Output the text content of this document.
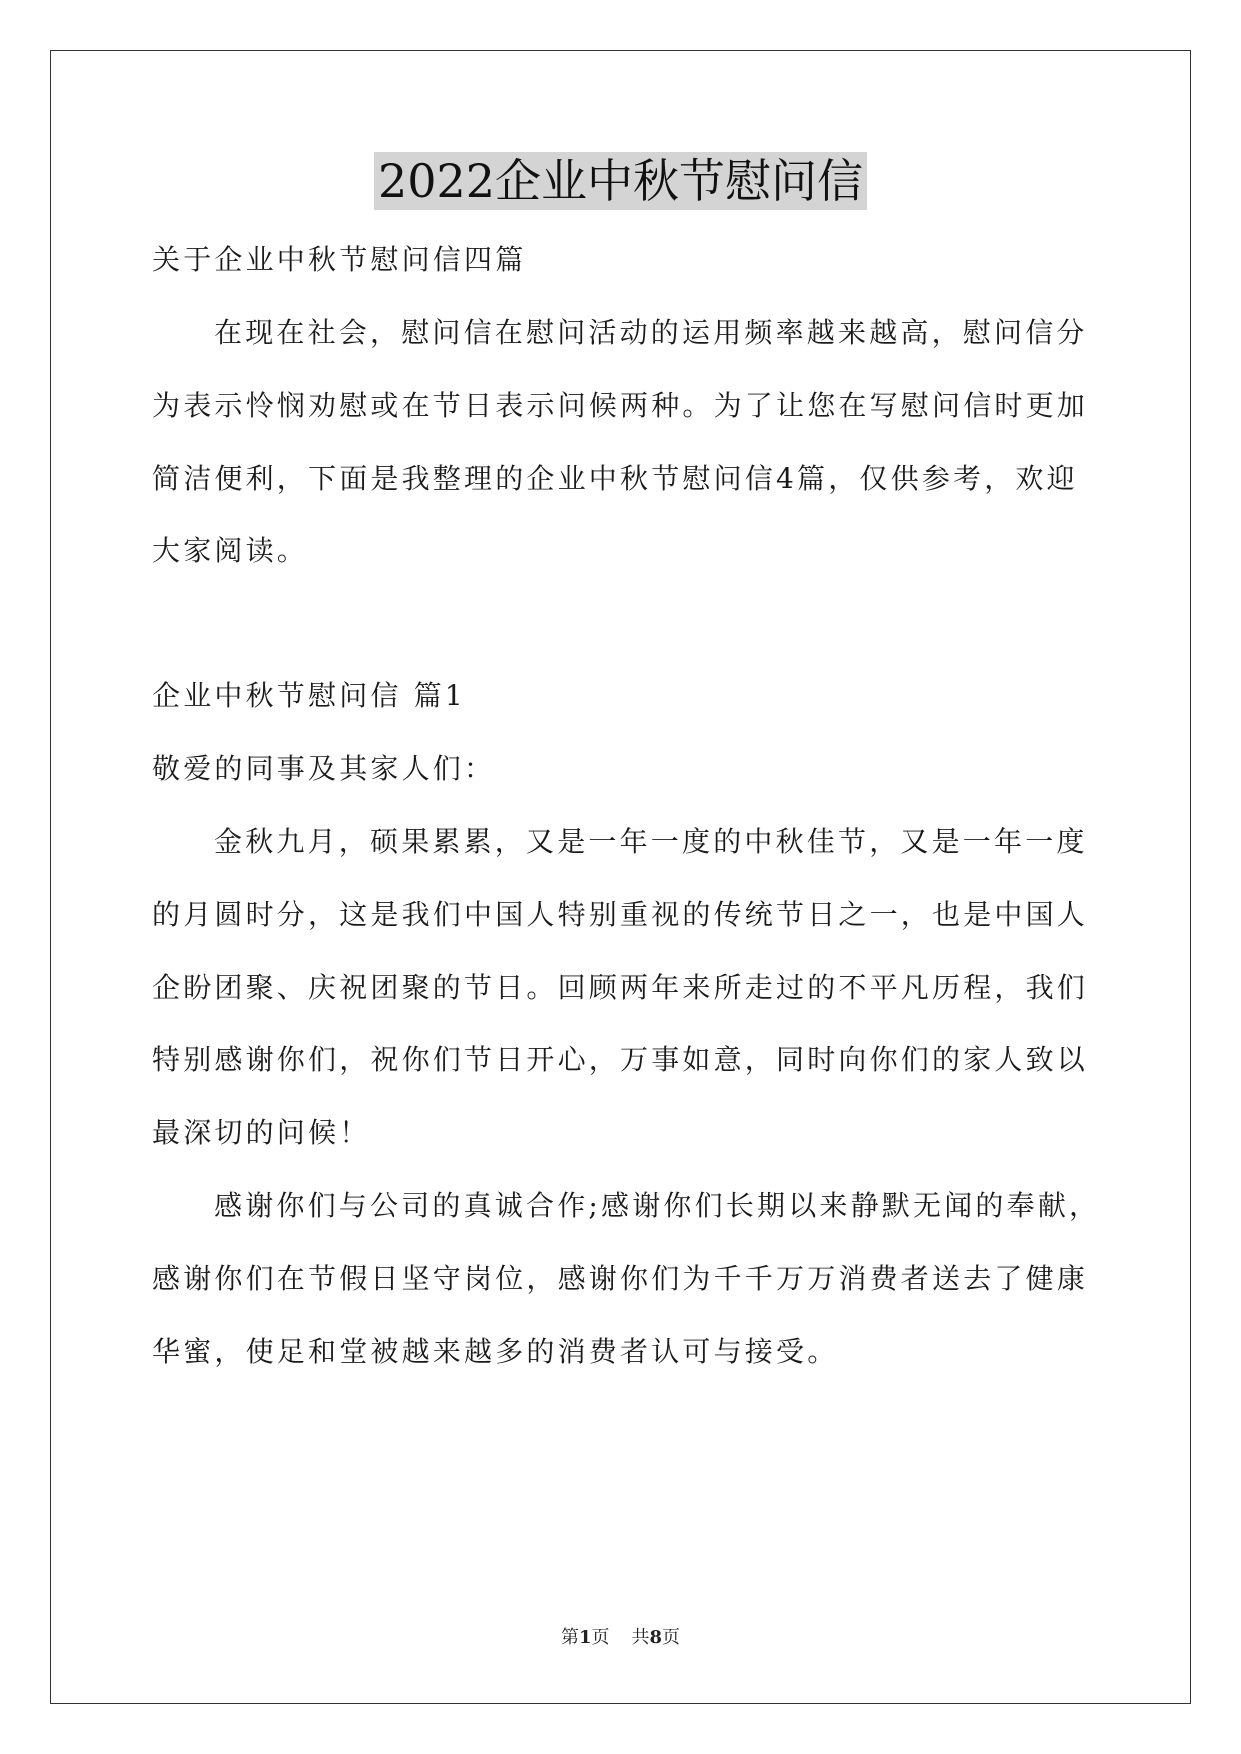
2022企业中秋节慰问信
关于企业中秋节慰问信四篇
在现在社会，慰问信在慰问活动的运用频率越来越高，慰问信分
为表示怜悯劝慰或在节日表示问候两种。为了让您在写慰问信时更加
简洁便利，下面是我整理的企业中秋节慰问信4篇，仅供参考，欢迎
大家阅读。
企业中秋节慰问信 篇1
敬爱的同事及其家人们：
金秋九月，硕果累累，又是一年一度的中秋佳节，又是一年一度
的月圆时分，这是我们中国人特别重视的传统节日之一，也是中国人
企盼团聚、庆祝团聚的节日。回顾两年来所走过的不平凡历程，我们
特别感谢你们，祝你们节日开心，万事如意，同时向你们的家人致以
最深切的问候！
感谢你们与公司的真诚合作;感谢你们长期以来静默无闻的奉献，
感谢你们在节假日坚守岗位，感谢你们为千千万万消费者送去了健康
华蜜，使足和堂被越来越多的消费者认可与接受。
第1页 共8页
